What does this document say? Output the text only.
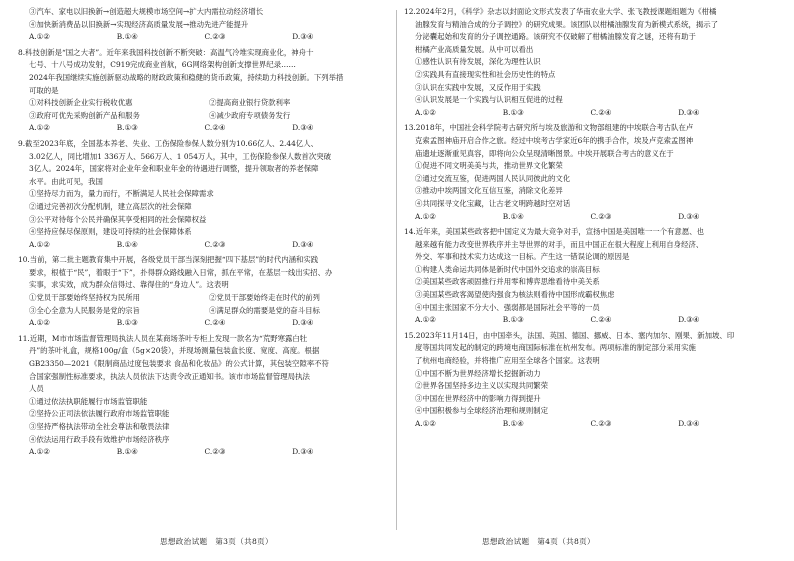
③汽车、家电以旧换新→创造超大规模市场空间→扩大内需拉动经济增长
④加快新消费品以旧换新→实现经济高质量发展→推动先进产能提升
A.①②	B.①④	C.②③	D.③④
8.科技创新是“国之大者”。近年来我国科技创新不断突破：高温气冷堆实现商业化，神舟十
七号、十八号成功发射，C919完成商业首航，6G网络架构创新支撑世界纪录……
2024年我国继续实施创新驱动战略的财政政策和稳健的货币政策，持续助力科技创新。下列举措
可取的是
①对科技创新企业实行税收优惠	②提高商业银行贷款利率
③政府可优先采购创新产品和服务	④减少政府专项债务发行
A.①②	B.①③	C.②④	D.③④
9.截至2023年底，全国基本养老、失业、工伤保险参保人数分别为10.66亿人、2.44亿人、
3.02亿人，同比增加1 336万人、566万人、1 054万人，其中，工伤保险参保人数首次突破
3亿人。2024年，国家将对企业年金和职业年金的待遇进行调整，提升领取者的养老保障
水平。由此可见，我国
①坚持尽力而为，量力而行，不断满足人民社会保障需求
②通过完善初次分配机制，建立高层次的社会保障
③公平对待每个公民并确保其享受相同的社会保障权益
④坚持应保尽保原则，建设可持续的社会保障体系
A.①②	B.①④	C.②③	D.③④
10.当前，第二批主题教育集中开展，各级党员干部当深刻把握“四下基层”的时代内涵和实践
要求，根植于“民”，着眼于“下”，扑得群众路线融入日常，抓在平常，在基层一线出实招、办
实事，求实效，成为群众信得过、靠得住的“身边人”。这表明
①党员干部要始终坚持权为民所用	②党员干部要始终走在时代的前列
③全心全意为人民服务是党的宗旨	④满足群众的需要是党的奋斗目标
A.①②	B.①③	C.②④	D.③④
11.近期，M市市场监督管理局执法人员在某商场茶叶专柜上发现一款名为“荒野寒露白牡
丹”的茶叶礼盒，规格100g/盒（5g×20袋），并现场测量包装盒长度、宽度、高度。根据
GB23350—2021《限制商品过度包装要求 食品和化妆品》的公式计算，其包装空隙率不符
合国家强制性标准要求，执法人员依法下达责令改正通知书。该市市场监督管理局执法
人员
①通过依法执职能履行市场监管职能
②坚持公正司法依法履行政府市场监管职能
③坚持严格执法带动全社会尊法和敬畏法律
④依法运用行政手段有效维护市场经济秩序
A.①②	B.①④	C.②③	D.③④
12.2024年2月，《科学》杂志以封面论文形式发表了华南农业大学、张飞教授课题组题为《柑橘
油腺发育与精油合成的分子调控》的研究成果。该团队以柑橘油腺发育为新模式系统，揭示了
分泌囊起始和发育的分子调控通路。该研究不仅破解了柑橘油腺发育之谜，还将有助于
柑橘产业高质量发展。从中可以看出
①感性认识有待发展，深化为理性认识
②实践具有直接现实性和社会历史性的特点
③认识在实践中发展，又反作用于实践
④认识发展是一个实践与认识相互促进的过程
A.①②	B.①③	C.②④	D.③④
13.2018年，中国社会科学院考古研究所与埃及旅游和文物部组建的中埃联合考古队在卢
克索孟图神庙开启合作之旅。经过中埃考古学家近6年的携手合作，埃及卢克索孟图神
庙遗址逐渐重见真容，即将向公众呈现清晰图景。中埃开展联合考古的意义在于
①促进不同文明美美与共，推动世界文化繁荣
②通过交流互鉴，促进两国人民认同彼此的文化
③推动中埃两国文化互信互鉴，消除文化差异
④共同探寻文化宝藏，让古老文明跨越时空对话
A.①②	B.①④	C.②③	D.③④
14.近年来，美国某些政客把中国定义为最大竞争对手，宣扬中国是美国唯一一个有意愿、也
越来越有能力改变世界秩序并主导世界的对手，而且中国正在很大程度上利用自身经济、
外交、军事和技术实力达成这一目标。产生这一错误论调的原因是
①构建人类命运共同体是新时代中国外交追求的崇高目标
②美国某些政客顽固推行并用零和博弈思维看待中美关系
③美国某些政客渴望使肉强食为核法则看待中国形成霸权焦虑
④中国主张国家不分大小、强弱都是国际社会平等的一员
A.①②	B.①③	C.②④	D.③④
15.2023年11月14日，由中国牵头，法国、英国、德国、挪威、日本、塞内加尔、刚果、新加坡、印
度等国共同发起的制定的跨境电商国际标准在杭州发布。两项标准的制定部分采用实施
了杭州电商经验，并将推广应用至全球各个国家。这表明
①中国不断为世界经济增长挖掘新动力
②世界各国坚持多边主义以实现共同繁荣
③中国在世界经济中的影响力得到提升
④中国积极参与全球经济治理和规则制定
A.①②	B.①④	C.②③	D.③④
思想政治试题　第3页（共8页）	思想政治试题　第4页（共8页）
